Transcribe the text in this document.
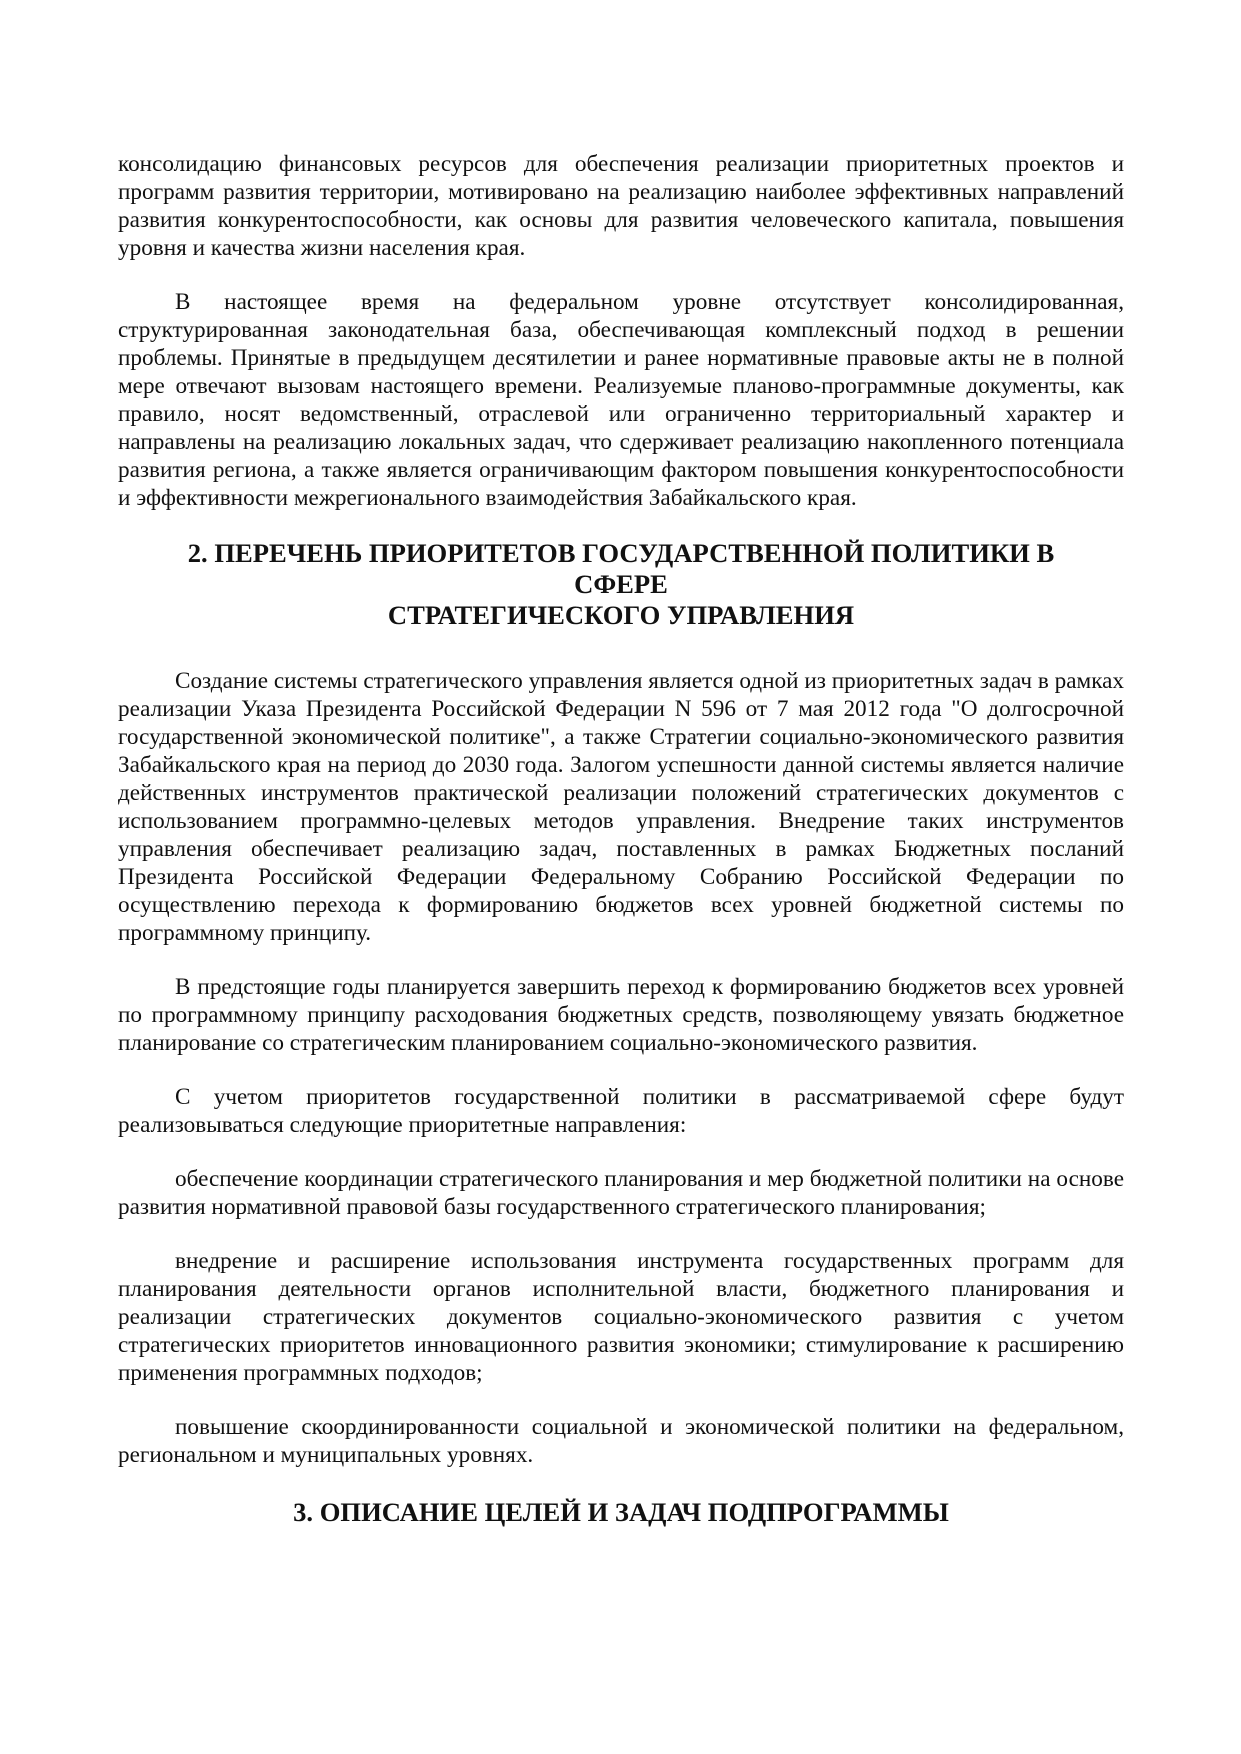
консолидацию финансовых ресурсов для обеспечения реализации приоритетных проектов и программ развития территории, мотивировано на реализацию наиболее эффективных направлений развития конкурентоспособности, как основы для развития человеческого капитала, повышения уровня и качества жизни населения края.

В настоящее время на федеральном уровне отсутствует консолидированная, структурированная законодательная база, обеспечивающая комплексный подход в решении проблемы. Принятые в предыдущем десятилетии и ранее нормативные правовые акты не в полной мере отвечают вызовам настоящего времени. Реализуемые планово-программные документы, как правило, носят ведомственный, отраслевой или ограниченно территориальный характер и направлены на реализацию локальных задач, что сдерживает реализацию накопленного потенциала развития региона, а также является ограничивающим фактором повышения конкурентоспособности и эффективности межрегионального взаимодействия Забайкальского края.

2. ПЕРЕЧЕНЬ ПРИОРИТЕТОВ ГОСУДАРСТВЕННОЙ ПОЛИТИКИ В
СФЕРЕ
СТРАТЕГИЧЕСКОГО УПРАВЛЕНИЯ

Создание системы стратегического управления является одной из приоритетных задач в рамках реализации Указа Президента Российской Федерации N 596 от 7 мая 2012 года "О долгосрочной государственной экономической политике", а также Стратегии социально-экономического развития Забайкальского края на период до 2030 года. Залогом успешности данной системы является наличие действенных инструментов практической реализации положений стратегических документов с использованием программно-целевых методов управления. Внедрение таких инструментов управления обеспечивает реализацию задач, поставленных в рамках Бюджетных посланий Президента Российской Федерации Федеральному Собранию Российской Федерации по осуществлению перехода к формированию бюджетов всех уровней бюджетной системы по программному принципу.

В предстоящие годы планируется завершить переход к формированию бюджетов всех уровней по программному принципу расходования бюджетных средств, позволяющему увязать бюджетное планирование со стратегическим планированием социально-экономического развития.

С учетом приоритетов государственной политики в рассматриваемой сфере будут реализовываться следующие приоритетные направления:

обеспечение координации стратегического планирования и мер бюджетной политики на основе развития нормативной правовой базы государственного стратегического планирования;

внедрение и расширение использования инструмента государственных программ для планирования деятельности органов исполнительной власти, бюджетного планирования и реализации стратегических документов социально-экономического развития с учетом стратегических приоритетов инновационного развития экономики; стимулирование к расширению применения программных подходов;

повышение скоординированности социальной и экономической политики на федеральном, региональном и муниципальных уровнях.

3. ОПИСАНИЕ ЦЕЛЕЙ И ЗАДАЧ ПОДПРОГРАММЫ
